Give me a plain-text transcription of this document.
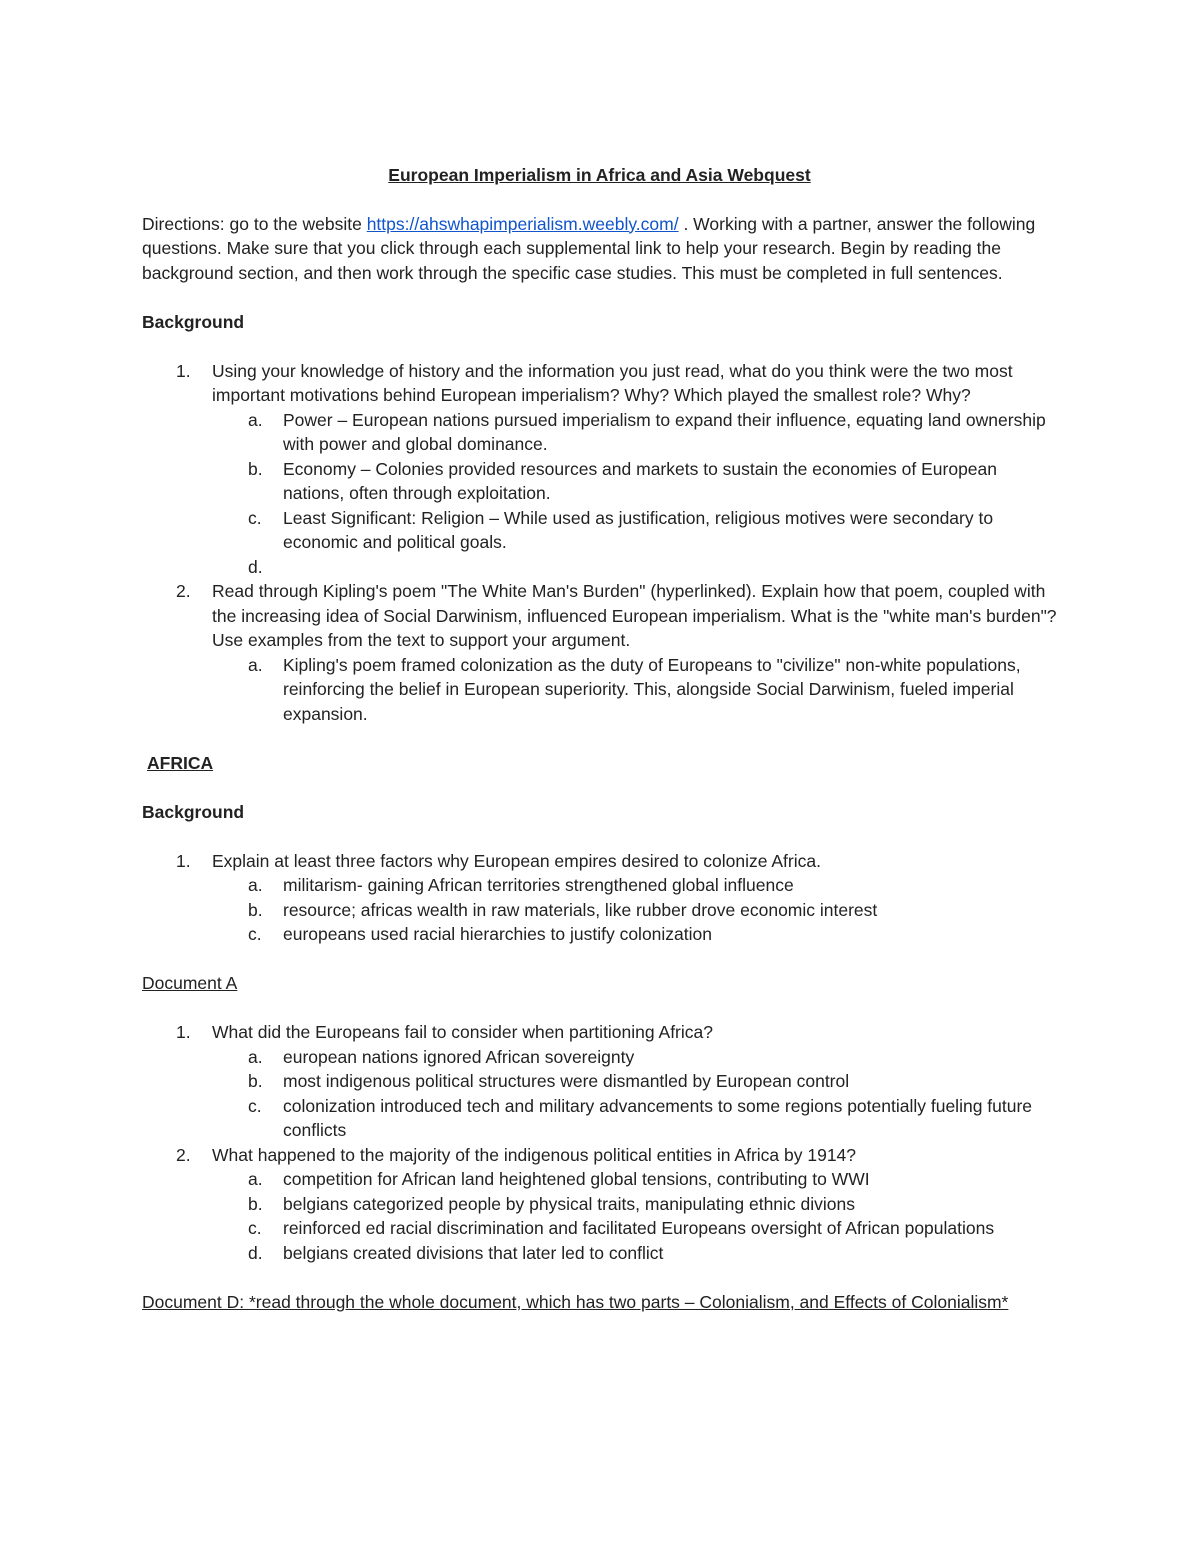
European Imperialism in Africa and Asia Webquest

Directions: go to the website https://ahswhapimperialism.weebly.com/ . Working with a partner, answer the following questions. Make sure that you click through each supplemental link to help your research. Begin by reading the background section, and then work through the specific case studies. This must be completed in full sentences.

Background

1. Using your knowledge of history and the information you just read, what do you think were the two most important motivations behind European imperialism? Why? Which played the smallest role? Why?
a. Power – European nations pursued imperialism to expand their influence, equating land ownership with power and global dominance.
b. Economy – Colonies provided resources and markets to sustain the economies of European nations, often through exploitation.
c. Least Significant: Religion – While used as justification, religious motives were secondary to economic and political goals.
d.

2. Read through Kipling's poem "The White Man's Burden" (hyperlinked). Explain how that poem, coupled with the increasing idea of Social Darwinism, influenced European imperialism. What is the "white man's burden"? Use examples from the text to support your argument.
a. Kipling's poem framed colonization as the duty of Europeans to "civilize" non-white populations, reinforcing the belief in European superiority. This, alongside Social Darwinism, fueled imperial expansion.

AFRICA

Background

1. Explain at least three factors why European empires desired to colonize Africa.
a. militarism- gaining African territories strengthened global influence
b. resource; africas wealth in raw materials, like rubber drove economic interest
c. europeans used racial hierarchies to justify colonization

Document A

1. What did the Europeans fail to consider when partitioning Africa?
a. european nations ignored African sovereignty
b. most indigenous political structures were dismantled by European control
c. colonization introduced tech and military advancements to some regions potentially fueling future conflicts
2. What happened to the majority of the indigenous political entities in Africa by 1914?
a. competition for African land heightened global tensions, contributing to WWI
b. belgians categorized people by physical traits, manipulating ethnic divions
c. reinforced ed racial discrimination and facilitated Europeans oversight of African populations
d. belgians created divisions that later led to conflict

Document D: *read through the whole document, which has two parts – Colonialism, and Effects of Colonialism*
